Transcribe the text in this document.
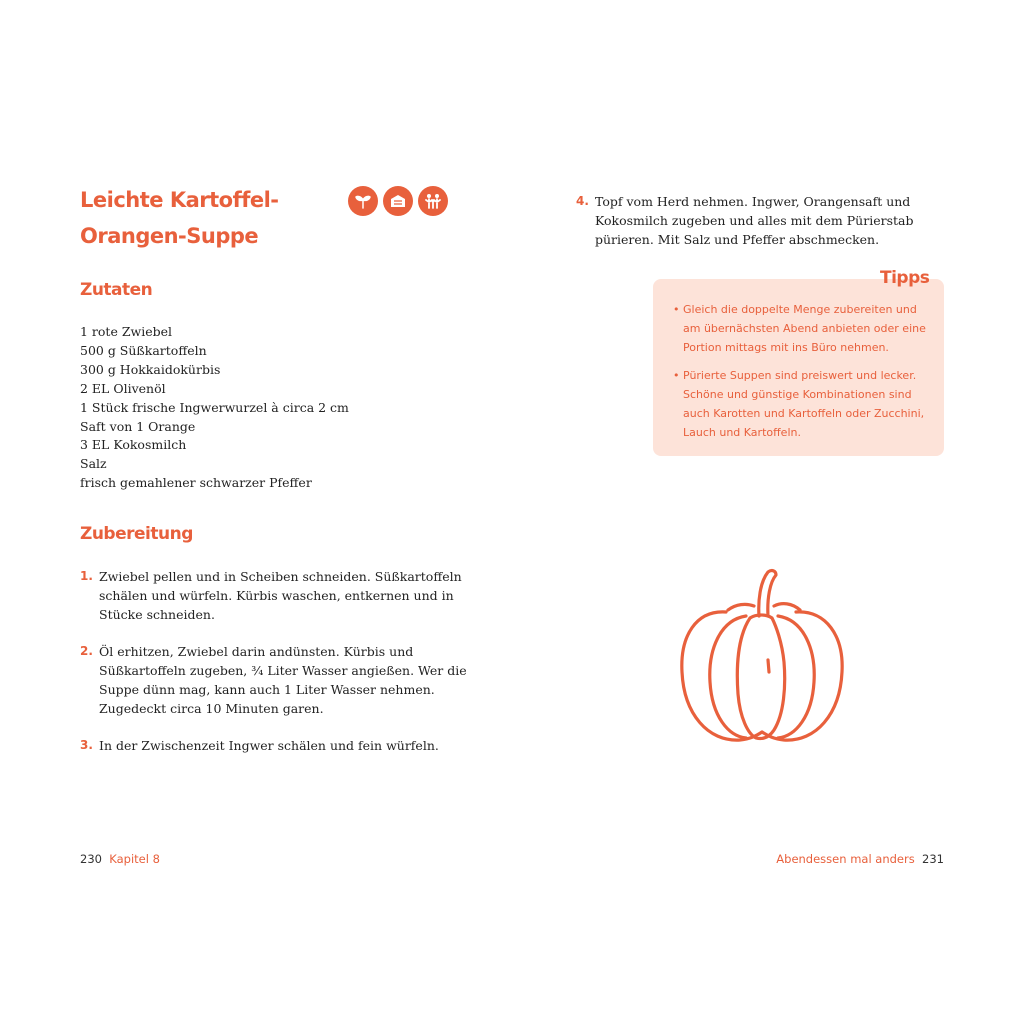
Leichte Kartoffel-Orangen-Suppe
Zutaten
1 rote Zwiebel
500 g Süßkartoffeln
300 g Hokkaidokürbis
2 EL Olivenöl
1 Stück frische Ingwerwurzel à circa 2 cm
Saft von 1 Orange
3 EL Kokosmilch
Salz
frisch gemahlener schwarzer Pfeffer
Zubereitung
1. Zwiebel pellen und in Scheiben schneiden. Süßkartoffeln schälen und würfeln. Kürbis waschen, entkernen und in Stücke schneiden.
2. Öl erhitzen, Zwiebel darin andünsten. Kürbis und Süßkartoffeln zugeben, ¾ Liter Wasser angießen. Wer die Suppe dünn mag, kann auch 1 Liter Wasser nehmen. Zugedeckt circa 10 Minuten garen.
3. In der Zwischenzeit Ingwer schälen und fein würfeln.
4. Topf vom Herd nehmen. Ingwer, Orangensaft und Kokosmilch zugeben und alles mit dem Pürierstab pürieren. Mit Salz und Pfeffer abschmecken.
• Gleich die doppelte Menge zubereiten und am übernächsten Abend anbieten oder eine Portion mittags mit ins Büro nehmen.
• Pürierte Suppen sind preiswert und lecker. Schöne und günstige Kombinationen sind auch Karotten und Kartoffeln oder Zucchini, Lauch und Kartoffeln.
Tipps
230 Kapitel 8	Abendessen mal anders 231
